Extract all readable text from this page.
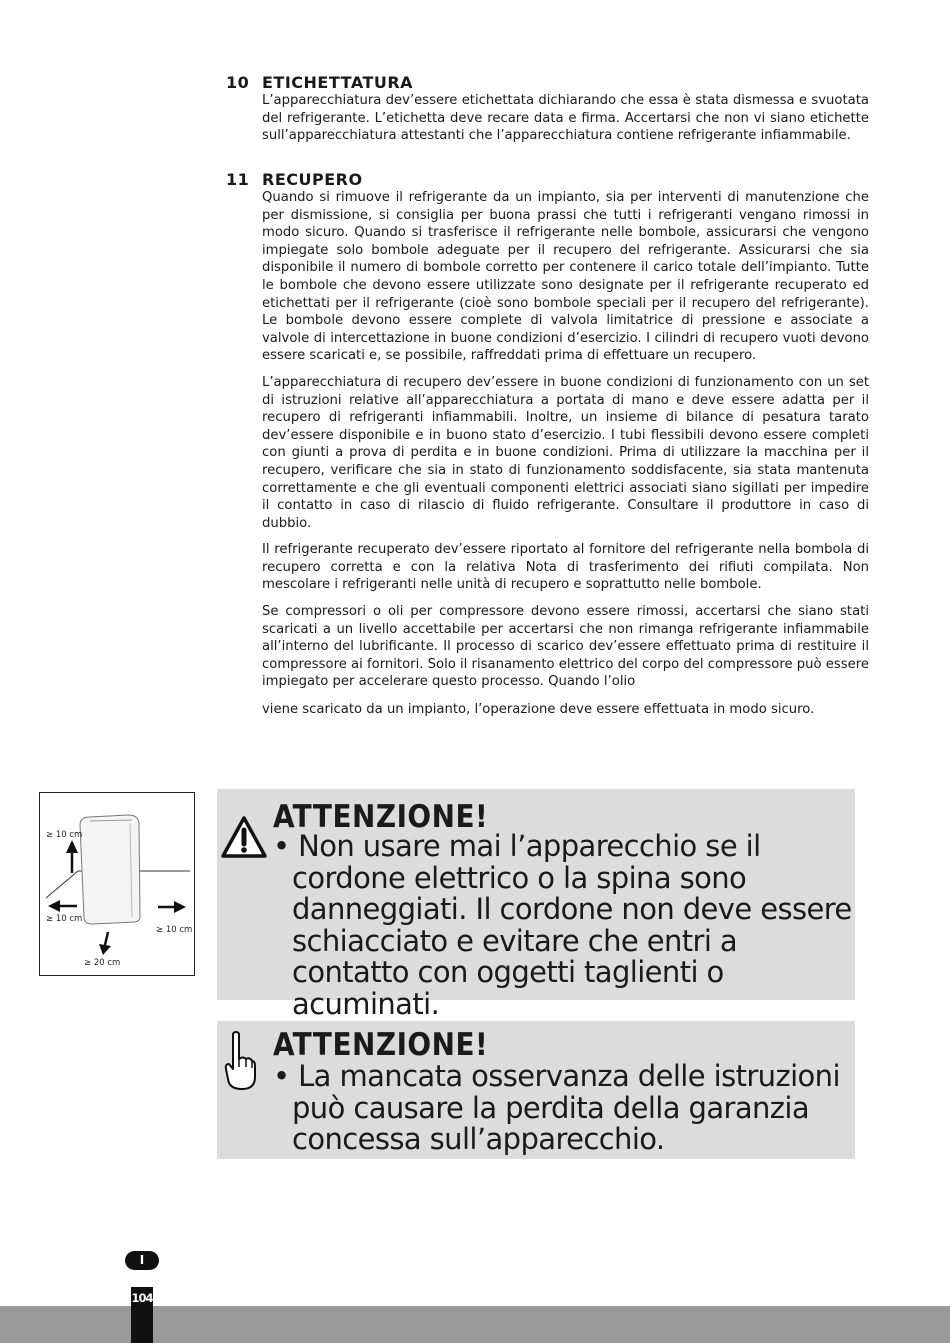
10 ETICHETTATURA

L’apparecchiatura dev’essere etichettata dichiarando che essa è stata dismessa e svuotata del refrigerante. L’etichetta deve recare data e firma. Accertarsi che non vi siano etichette sull’apparecchiatura attestanti che l’apparecchiatura contiene refrigerante infiammabile.

11 RECUPERO

Quando si rimuove il refrigerante da un impianto, sia per interventi di manutenzione che per dismissione, si consiglia per buona prassi che tutti i refrigeranti vengano rimossi in modo sicuro. Quando si trasferisce il refrigerante nelle bombole, assicurarsi che vengono impiegate solo bombole adeguate per il recupero del refrigerante. Assicurarsi che sia disponibile il numero di bombole corretto per contenere il carico totale dell’impianto. Tutte le bombole che devono essere utilizzate sono designate per il refrigerante recuperato ed etichettati per il refrigerante (cioè sono bombole speciali per il recupero del refrigerante). Le bombole devono essere complete di valvola limitatrice di pressione e associate a valvole di intercettazione in buone condizioni d’esercizio. I cilindri di recupero vuoti devono essere scaricati e, se possibile, raffreddati prima di effettuare un recupero.

L’apparecchiatura di recupero dev’essere in buone condizioni di funzionamento con un set di istruzioni relative all’apparecchiatura a portata di mano e deve essere adatta per il recupero di refrigeranti infiammabili. Inoltre, un insieme di bilance di pesatura tarato dev’essere disponibile e in buono stato d’esercizio. I tubi flessibili devono essere completi con giunti a prova di perdita e in buone condizioni. Prima di utilizzare la macchina per il recupero, verificare che sia in stato di funzionamento soddisfacente, sia stata mantenuta correttamente e che gli eventuali componenti elettrici associati siano sigillati per impedire il contatto in caso di rilascio di fluido refrigerante. Consultare il produttore in caso di dubbio.

Il refrigerante recuperato dev’essere riportato al fornitore del refrigerante nella bombola di recupero corretta e con la relativa Nota di trasferimento dei rifiuti compilata. Non mescolare i refrigeranti nelle unità di recupero e soprattutto nelle bombole.

Se compressori o oli per compressore devono essere rimossi, accertarsi che siano stati scaricati a un livello accettabile per accertarsi che non rimanga refrigerante infiammabile all’interno del lubrificante. Il processo di scarico dev’essere effettuato prima di restituire il compressore ai fornitori. Solo il risanamento elettrico del corpo del compressore può essere impiegato per accelerare questo processo. Quando l’olio

viene scaricato da un impianto, l’operazione deve essere effettuata in modo sicuro.

≥ 10 cm
≥ 10 cm
≥ 10 cm
≥ 20 cm
ATTENZIONE!
• Non usare mai l’apparecchio se il cordone elettrico o la spina sono danneggiati. Il cordone non deve essere schiacciato e evitare che entri a contatto con oggetti taglienti o acuminati.
ATTENZIONE!
• La mancata osservanza delle istruzioni può causare la perdita della garanzia concessa sull’apparecchio.
I
104
